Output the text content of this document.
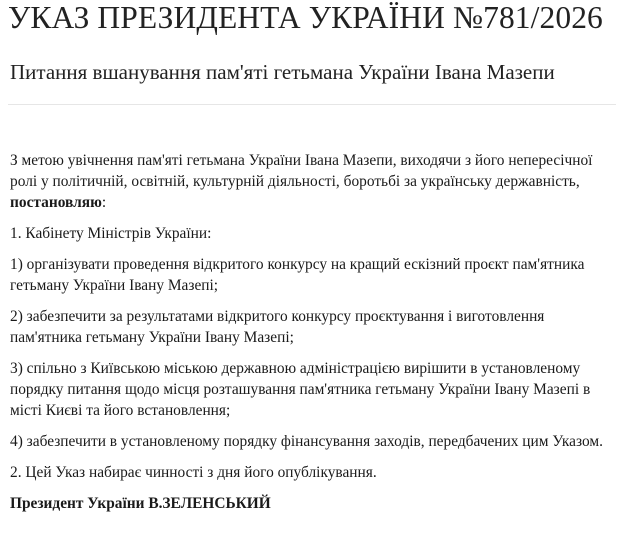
УКАЗ ПРЕЗИДЕНТА УКРАЇНИ №781/2026
Питання вшанування пам'яті гетьмана України Івана Мазепи

З метою увічнення пам'яті гетьмана України Івана Мазепи, виходячи з його непересічної ролі у політичній, освітній, культурній діяльності, боротьбі за українську державність, постановляю:

1. Кабінету Міністрів України:

1) організувати проведення відкритого конкурсу на кращий ескізний проєкт пам'ятника гетьману України Івану Мазепі;

2) забезпечити за результатами відкритого конкурсу проєктування і виготовлення пам'ятника гетьману України Івану Мазепі;

3) спільно з Київською міською державною адміністрацією вирішити в установленому порядку питання щодо місця розташування пам'ятника гетьману України Івану Мазепі в місті Києві та його встановлення;

4) забезпечити в установленому порядку фінансування заходів, передбачених цим Указом.

2. Цей Указ набирає чинності з дня його опублікування.

Президент України В.ЗЕЛЕНСЬКИЙ
